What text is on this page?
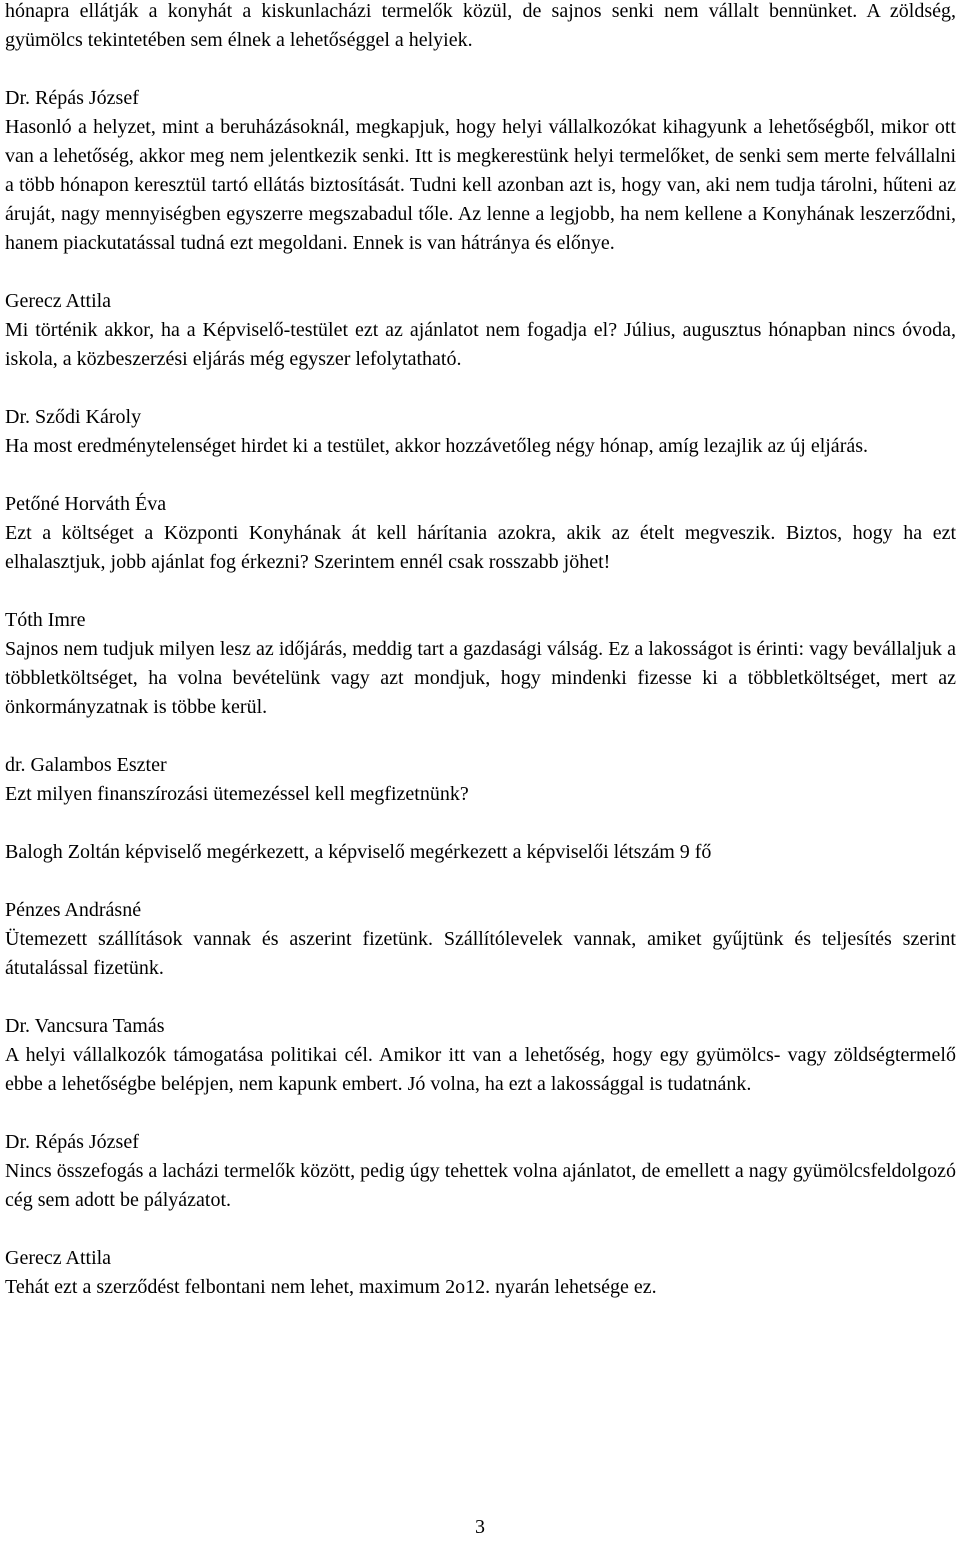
hónapra ellátják a konyhát a kiskunlacházi termelők közül, de sajnos senki nem vállalt bennünket. A zöldség, gyümölcs tekintetében sem élnek a lehetőséggel a helyiek.
Dr. Répás József
Hasonló a helyzet, mint a beruházásoknál, megkapjuk, hogy helyi vállalkozókat kihagyunk a lehetőségből, mikor ott van a lehetőség, akkor meg nem jelentkezik senki. Itt is megkerestünk helyi termelőket, de senki sem merte felvállalni a több hónapon keresztül tartó ellátás biztosítását. Tudni kell azonban azt is, hogy van, aki nem tudja tárolni, hűteni az áruját, nagy mennyiségben egyszerre megszabadul tőle. Az lenne a legjobb, ha nem kellene a Konyhának leszerződni, hanem piackutatással tudná ezt megoldani. Ennek is van hátránya és előnye.
Gerecz Attila
Mi történik akkor, ha a Képviselő-testület ezt az ajánlatot nem fogadja el? Július, augusztus hónapban nincs óvoda, iskola, a közbeszerzési eljárás még egyszer lefolytatható.
Dr. Sződi Károly
Ha most eredménytelenséget hirdet ki a testület, akkor hozzávetőleg négy hónap, amíg lezajlik az új eljárás.
Petőné Horváth Éva
Ezt a költséget a Központi Konyhának át kell hárítania azokra, akik az ételt megveszik. Biztos, hogy ha ezt elhalasztjuk, jobb ajánlat fog érkezni? Szerintem ennél csak rosszabb jöhet!
Tóth Imre
Sajnos nem tudjuk milyen lesz az időjárás, meddig tart a gazdasági válság. Ez a lakosságot is érinti: vagy bevállaljuk a többletköltséget, ha volna bevételünk vagy azt mondjuk, hogy mindenki fizesse ki a többletköltséget, mert az önkormányzatnak is többe kerül.
dr. Galambos Eszter
Ezt milyen finanszírozási ütemezéssel kell megfizetnünk?
Balogh Zoltán képviselő megérkezett, a képviselő megérkezett a képviselői létszám 9 fő
Pénzes Andrásné
Ütemezett szállítások vannak és aszerint fizetünk. Szállítólevelek vannak, amiket gyűjtünk és teljesítés szerint átutalással fizetünk.
Dr. Vancsura Tamás
A helyi vállalkozók támogatása politikai cél. Amikor itt van a lehetőség, hogy egy gyümölcs- vagy zöldségtermelő ebbe a lehetőségbe belépjen, nem kapunk embert. Jó volna, ha ezt a lakossággal is tudatnánk.
Dr. Répás József
Nincs összefogás a lacházi termelők között, pedig úgy tehettek volna ajánlatot, de emellett a nagy gyümölcsfeldolgozó cég sem adott be pályázatot.
Gerecz Attila
Tehát ezt a szerződést felbontani nem lehet, maximum 2o12. nyarán lehetsége ez.
3
